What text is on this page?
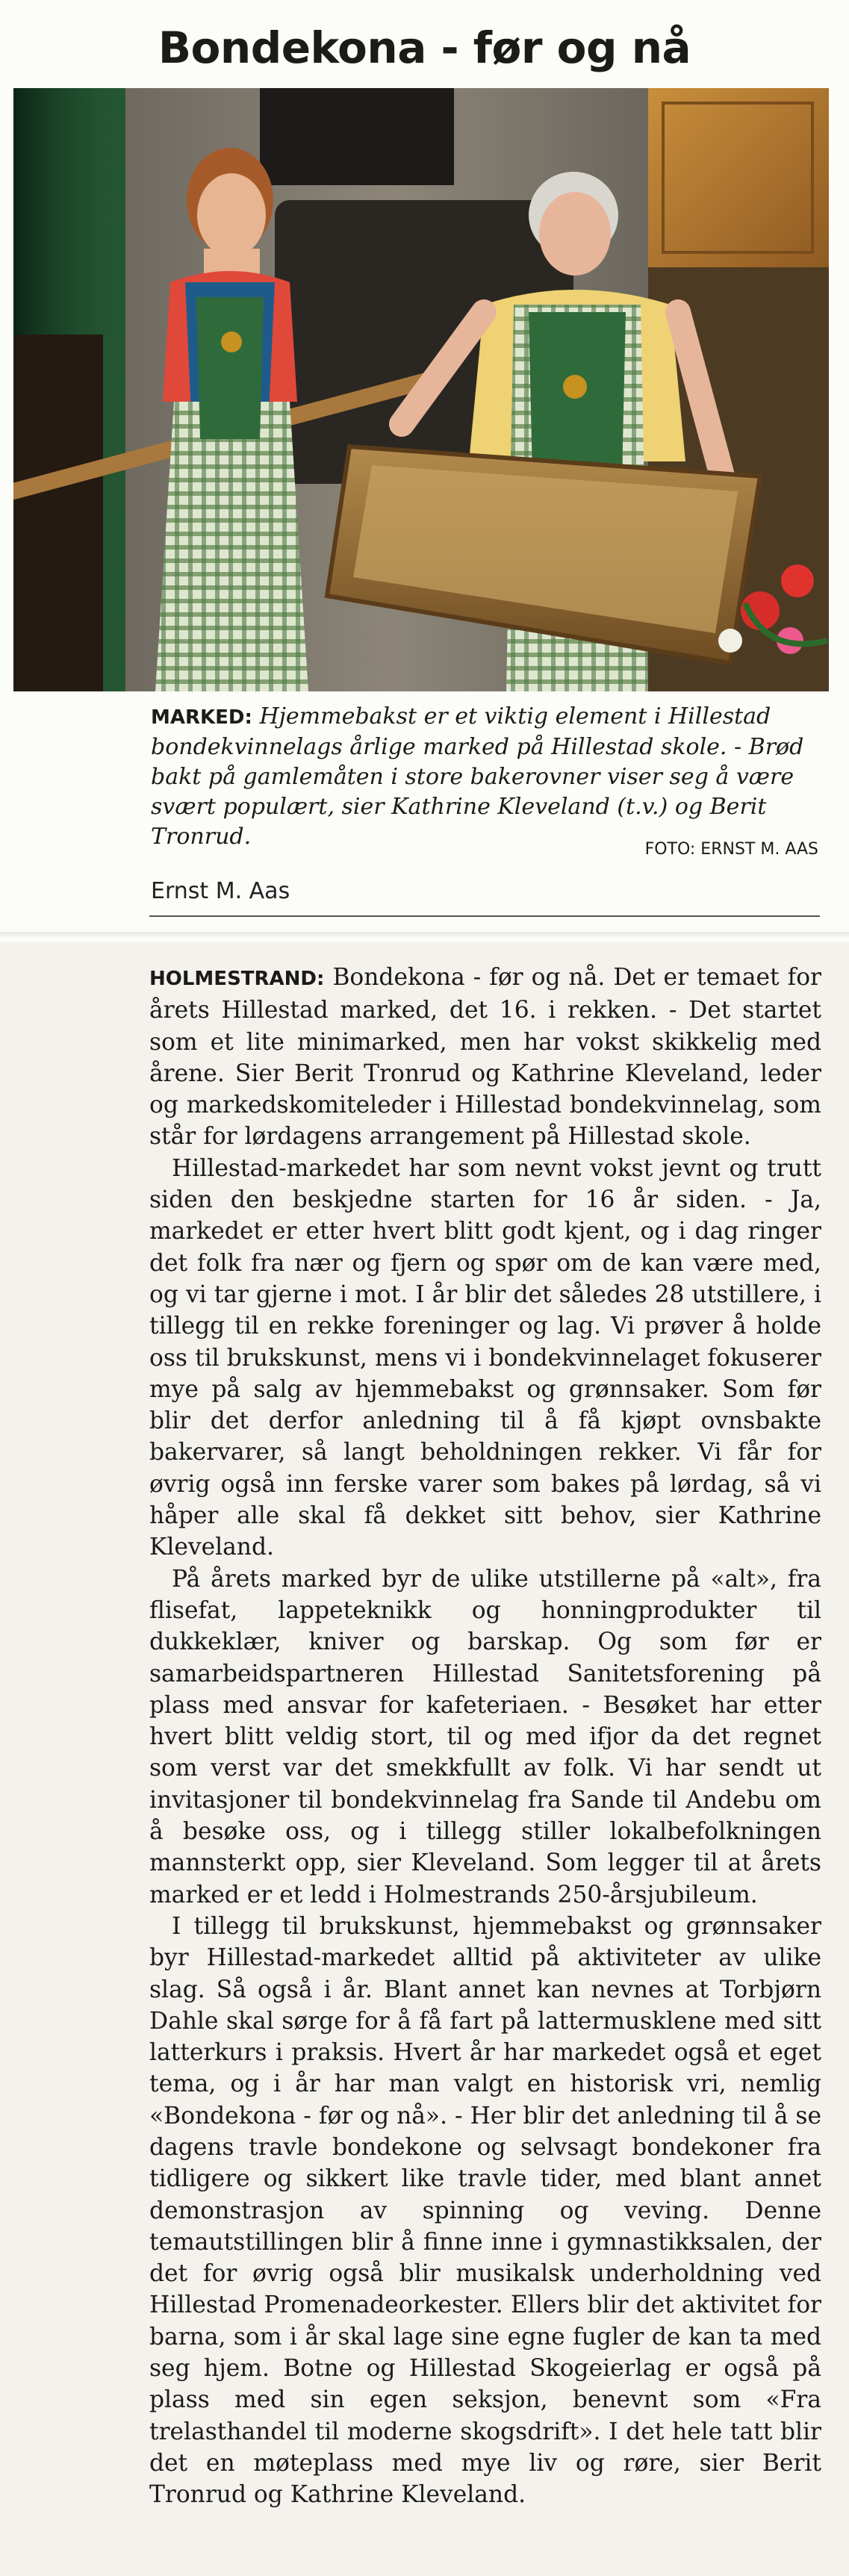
Bondekona - før og nå
MARKED: Hjemmebakst er et viktig element i Hillestad bondekvinnelags årlige marked på Hillestad skole. - Brød bakt på gamlemåten i store bakerovner viser seg å være svært populært, sier Kathrine Kleveland (t.v.) og Berit Tronrud.	FOTO: ERNST M. AAS
Ernst M. Aas

HOLMESTRAND: Bondekona - før og nå. Det er temaet for årets Hillestad marked, det 16. i rekken. - Det startet som et lite minimarked, men har vokst skikkelig med årene. Sier Berit Tronrud og Kathrine Kleveland, leder og markedskomiteleder i Hillestad bondekvinnelag, som står for lørdagens arrangement på Hillestad skole.

Hillestad-markedet har som nevnt vokst jevnt og trutt siden den beskjedne starten for 16 år siden. - Ja, markedet er etter hvert blitt godt kjent, og i dag ringer det folk fra nær og fjern og spør om de kan være med, og vi tar gjerne i mot. I år blir det således 28 utstillere, i tillegg til en rekke foreninger og lag. Vi prøver å holde oss til brukskunst, mens vi i bondekvinnelaget fokuserer mye på salg av hjemmebakst og grønnsaker. Som før blir det derfor anledning til å få kjøpt ovnsbakte bakervarer, så langt beholdningen rekker. Vi får for øvrig også inn ferske varer som bakes på lørdag, så vi håper alle skal få dekket sitt behov, sier Kathrine Kleveland.

På årets marked byr de ulike utstillerne på «alt», fra flisefat, lappeteknikk og honningprodukter til dukkeklær, kniver og barskap. Og som før er samarbeidspartneren Hillestad Sanitetsforening på plass med ansvar for kafeteriaen. - Besøket har etter hvert blitt veldig stort, til og med ifjor da det regnet som verst var det smekkfullt av folk. Vi har sendt ut invitasjoner til bondekvinnelag fra Sande til Andebu om å besøke oss, og i tillegg stiller lokalbefolkningen mannsterkt opp, sier Kleveland. Som legger til at årets marked er et ledd i Holmestrands 250-årsjubileum.

I tillegg til brukskunst, hjemmebakst og grønnsaker byr Hillestad-markedet alltid på aktiviteter av ulike slag. Så også i år. Blant annet kan nevnes at Torbjørn Dahle skal sørge for å få fart på lattermusklene med sitt latterkurs i praksis. Hvert år har markedet også et eget tema, og i år har man valgt en historisk vri, nemlig «Bondekona - før og nå». - Her blir det anledning til å se dagens travle bondekone og selvsagt bondekoner fra tidligere og sikkert like travle tider, med blant annet demonstrasjon av spinning og veving. Denne temautstillingen blir å finne inne i gymnastikksalen, der det for øvrig også blir musikalsk underholdning ved Hillestad Promenadeorkester. Ellers blir det aktivitet for barna, som i år skal lage sine egne fugler de kan ta med seg hjem. Botne og Hillestad Skogeierlag er også på plass med sin egen seksjon, benevnt som «Fra trelasthandel til moderne skogsdrift». I det hele tatt blir det en møteplass med mye liv og røre, sier Berit Tronrud og Kathrine Kleveland.
